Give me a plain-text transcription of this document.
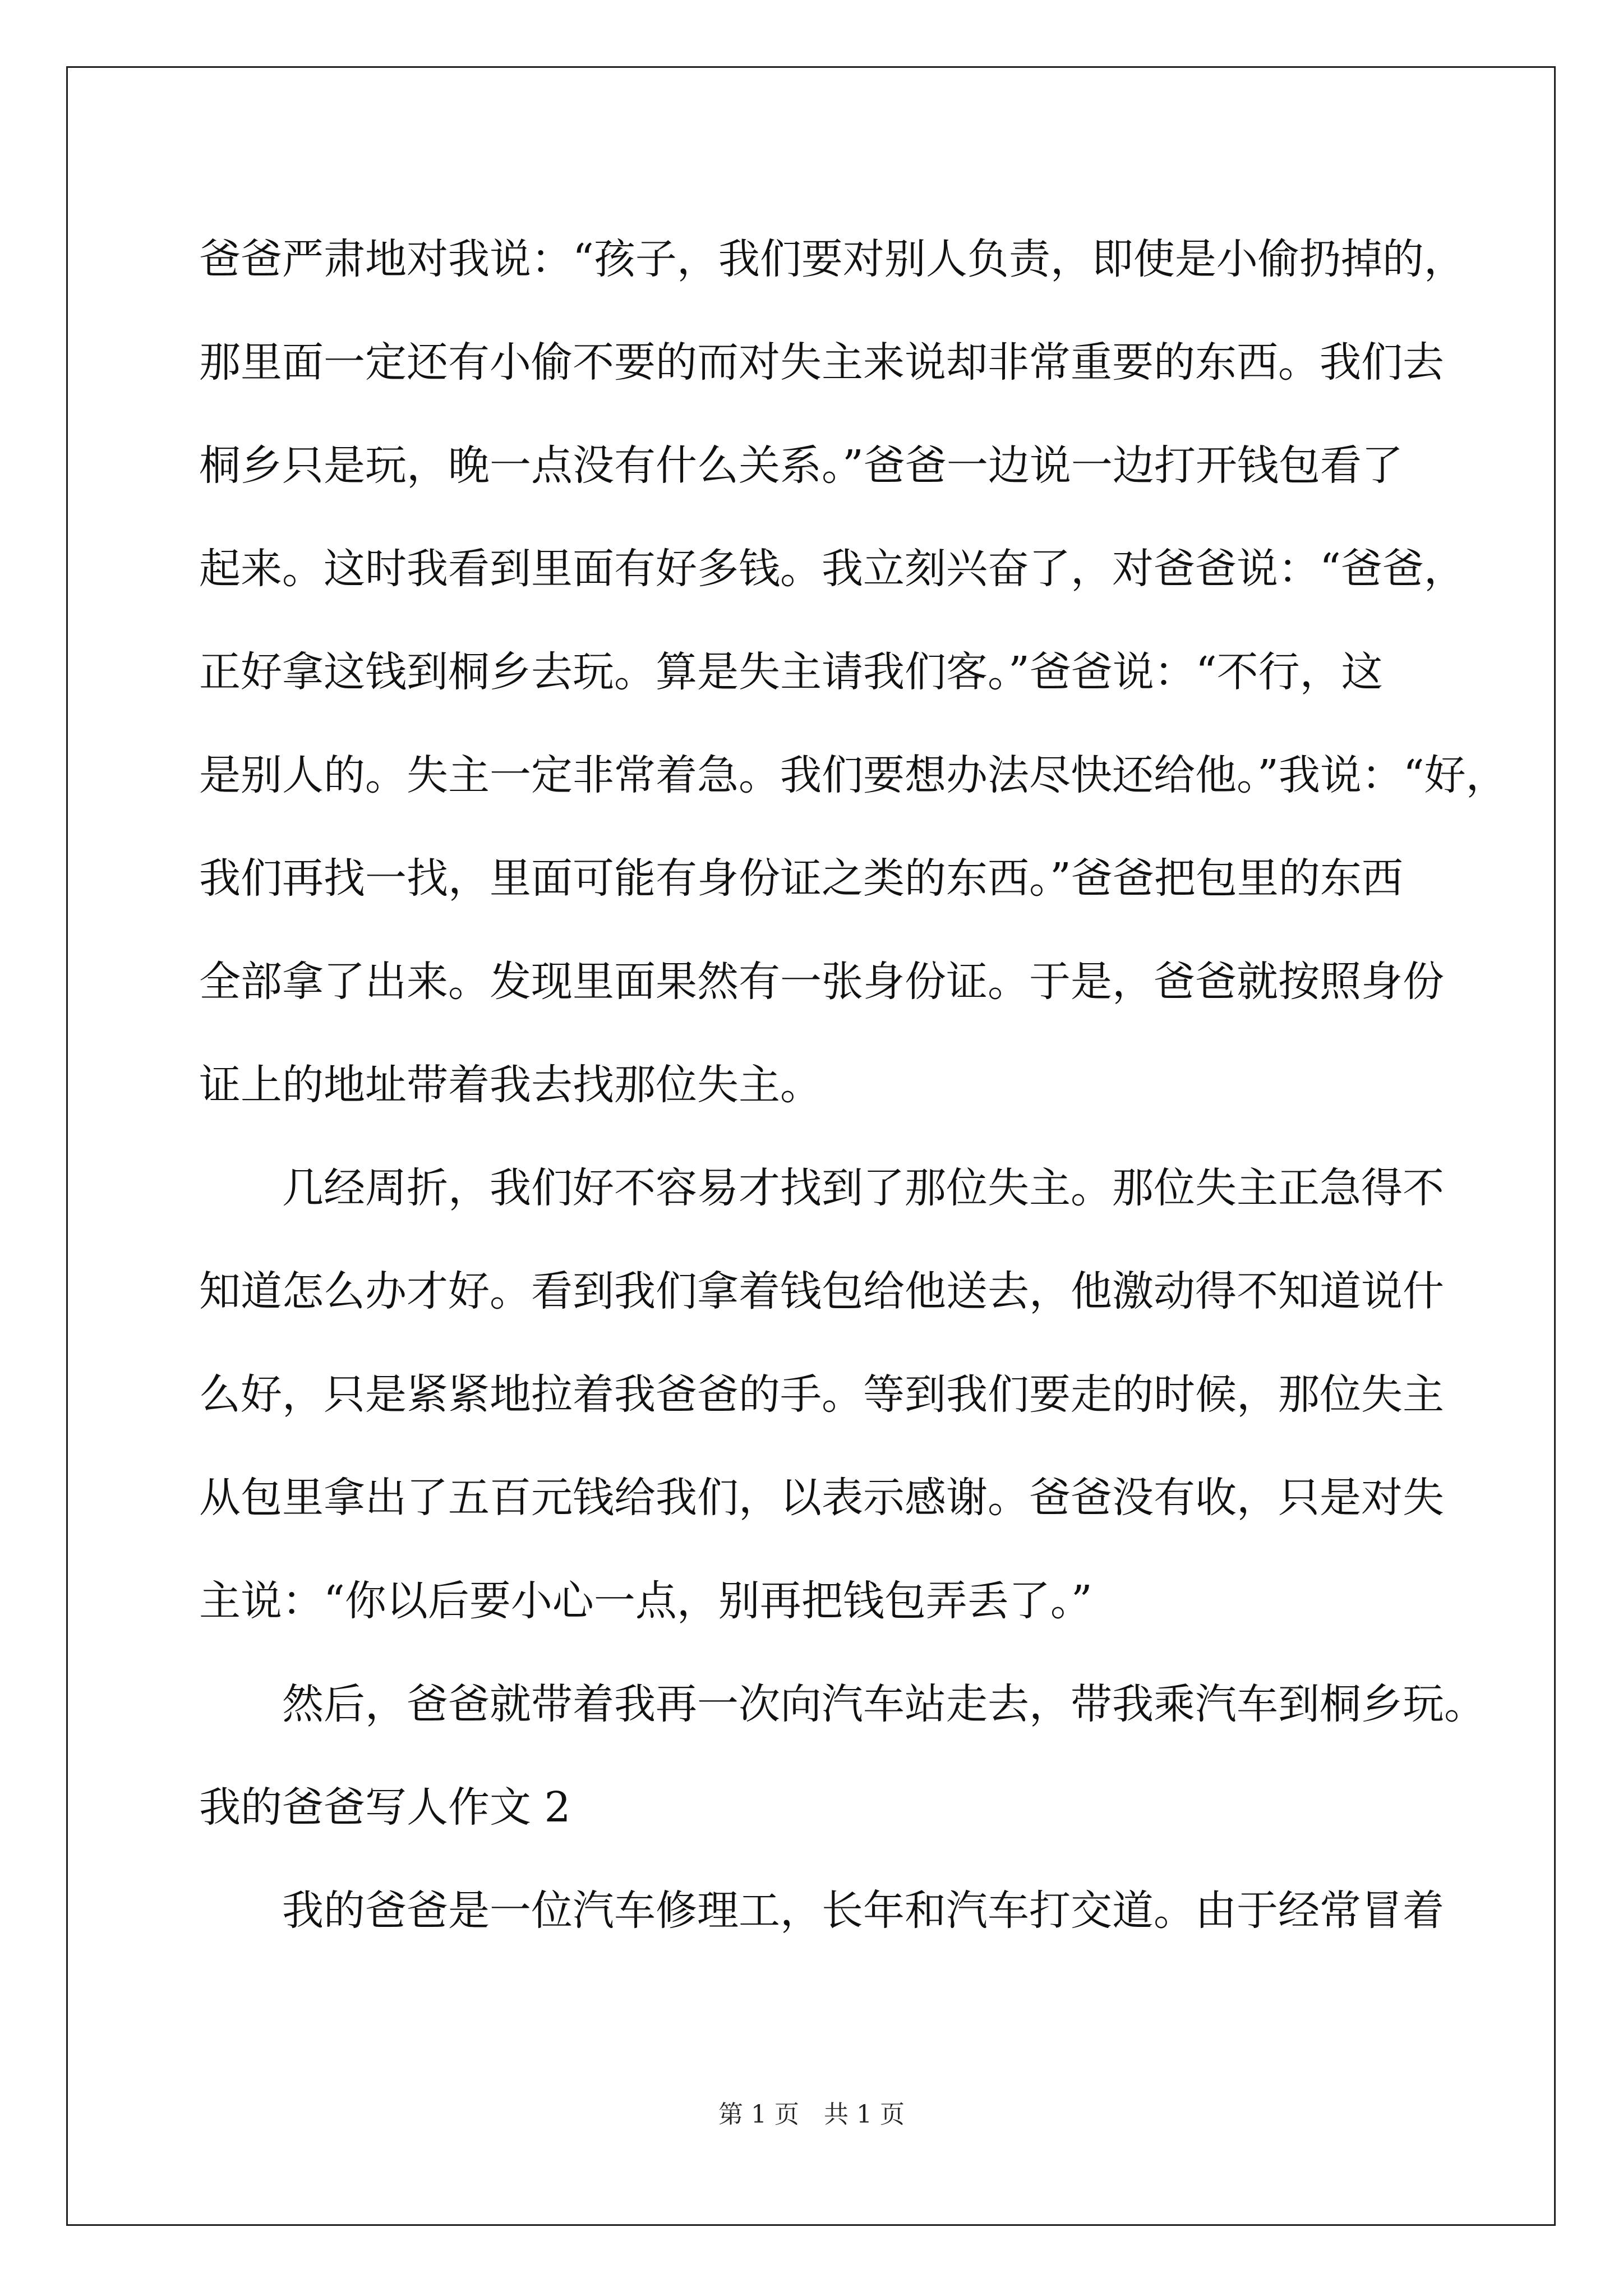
爸爸严肃地对我说：“孩子，我们要对别人负责，即使是小偷扔掉的，
那里面一定还有小偷不要的而对失主来说却非常重要的东西。我们去
桐乡只是玩，晚一点没有什么关系。”爸爸一边说一边打开钱包看了
起来。这时我看到里面有好多钱。我立刻兴奋了，对爸爸说：“爸爸，
正好拿这钱到桐乡去玩。算是失主请我们客。”爸爸说：“不行，这
是别人的。失主一定非常着急。我们要想办法尽快还给他。”我说：“好，
我们再找一找，里面可能有身份证之类的东西。”爸爸把包里的东西
全部拿了出来。发现里面果然有一张身份证。于是，爸爸就按照身份
证上的地址带着我去找那位失主。
几经周折，我们好不容易才找到了那位失主。那位失主正急得不
知道怎么办才好。看到我们拿着钱包给他送去，他激动得不知道说什
么好，只是紧紧地拉着我爸爸的手。等到我们要走的时候，那位失主
从包里拿出了五百元钱给我们，以表示感谢。爸爸没有收，只是对失
主说：“你以后要小心一点，别再把钱包弄丢了。”
然后，爸爸就带着我再一次向汽车站走去，带我乘汽车到桐乡玩。
我的爸爸写人作文 2
我的爸爸是一位汽车修理工，长年和汽车打交道。由于经常冒着
第 1 页 共 1 页
